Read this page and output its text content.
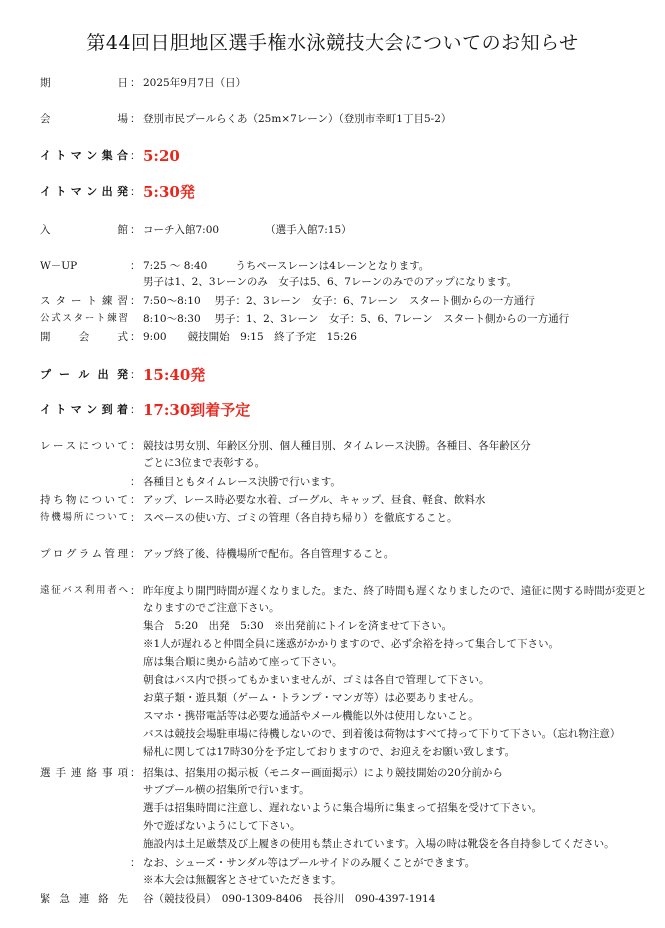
第44回日胆地区選手権水泳競技大会についてのお知らせ
期日 ： 2025年9月7日（日）
会場 ： 登別市民プールらくあ（25m×7レーン）（登別市幸町1丁目5-2）
イトマン集合 ： 5:20
イトマン出発 ： 5:30発
入館 ： コーチ入館7:00	（選手入館7:15）
W－UP	： 7:25 ～ 8:40	うちペースレーンは4レーンとなります。
男子は1、2、3レーンのみ　女子は5、6、7レーンのみでのアップになります。
スタート練習 ： 7:50～8:10　 男子：2、3レーン　女子：6、7レーン　スタート側からの一方通行
公式スタート練習 8:10～8:30　 男子：1、2、3レーン　女子：5、6、7レーン　スタート側からの一方通行
開会式 ： 9:00　　競技開始　9:15　終了予定　15:26
プール出発 ： 15:40発
イトマン到着 ： 17:30到着予定
レースについて ： 競技は男女別、年齢区分別、個人種目別、タイムレース決勝。各種目、各年齢区分
ごとに3位まで表彰する。
： 各種目ともタイムレース決勝で行います。
持ち物について ： アップ、レース時必要な水着、ゴーグル、キャップ、昼食、軽食、飲料水
待機場所について ： スペースの使い方、ゴミの管理（各自持ち帰り）を徹底すること。
プログラム管理 ： アップ終了後、待機場所で配布。各自管理すること。
遠征バス利用者へ ： 昨年度より開門時間が遅くなりました。また、終了時間も遅くなりましたので、遠征に関する時間が変更と
なりますのでご注意下さい。
集合　5:20　出発　5:30　※出発前にトイレを済ませて下さい。
※1人が遅れると仲間全員に迷惑がかかりますので、必ず余裕を持って集合して下さい。
席は集合順に奥から詰めて座って下さい。
朝食はバス内で摂ってもかまいませんが、ゴミは各自で管理して下さい。
お菓子類・遊具類（ゲーム・トランプ・マンガ等）は必要ありません。
スマホ・携帯電話等は必要な通話やメール機能以外は使用しないこと。
バスは競技会場駐車場に待機しないので、到着後は荷物はすべて持って下りて下さい。（忘れ物注意）
帰札に関しては17時30分を予定しておりますので、お迎えをお願い致します。
選手連絡事項 ： 招集は、招集用の掲示板（モニター画面掲示）により競技開始の20分前から
サブプール横の招集所で行います。
選手は招集時間に注意し、遅れないように集合場所に集まって招集を受けて下さい。
外で遊ばないようにして下さい。
施設内は土足厳禁及び上履きの使用も禁止されています。入場の時は靴袋を各自持参してください。
： なお、シューズ・サンダル等はプールサイドのみ履くことができます。
※本大会は無観客とさせていただきます。
緊急連絡先 谷（競技役員）　090-1309-8406　長谷川　090-4397-1914
